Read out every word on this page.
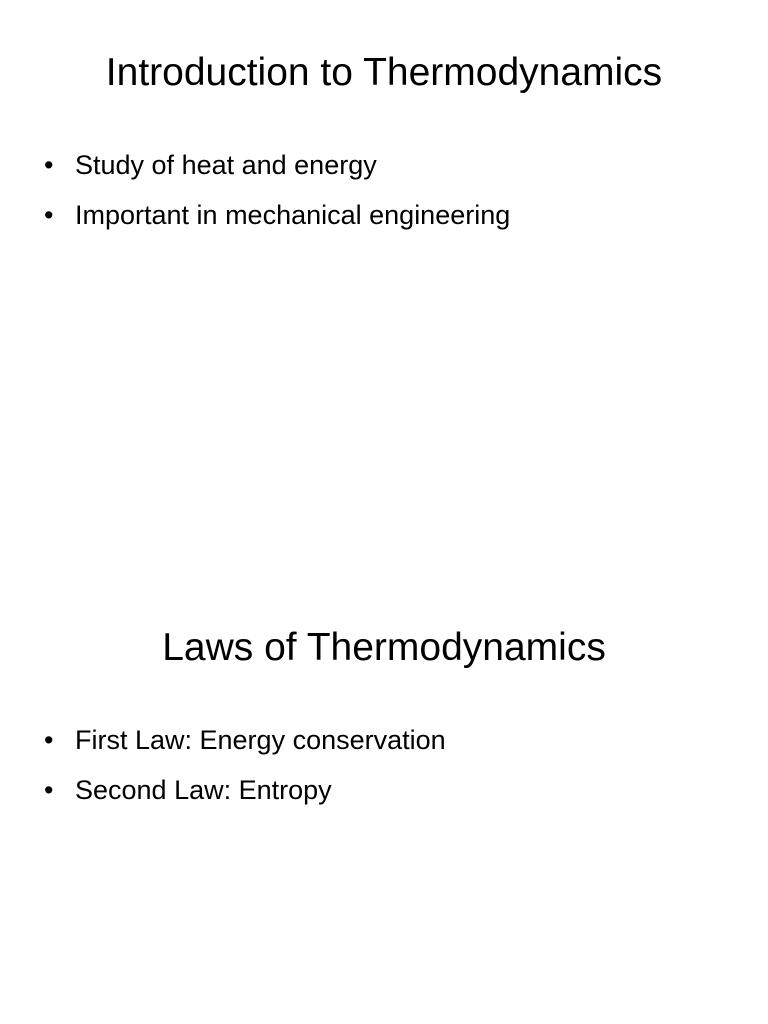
Introduction to Thermodynamics
• Study of heat and energy
• Important in mechanical engineering
Laws of Thermodynamics
• First Law: Energy conservation
• Second Law: Entropy
